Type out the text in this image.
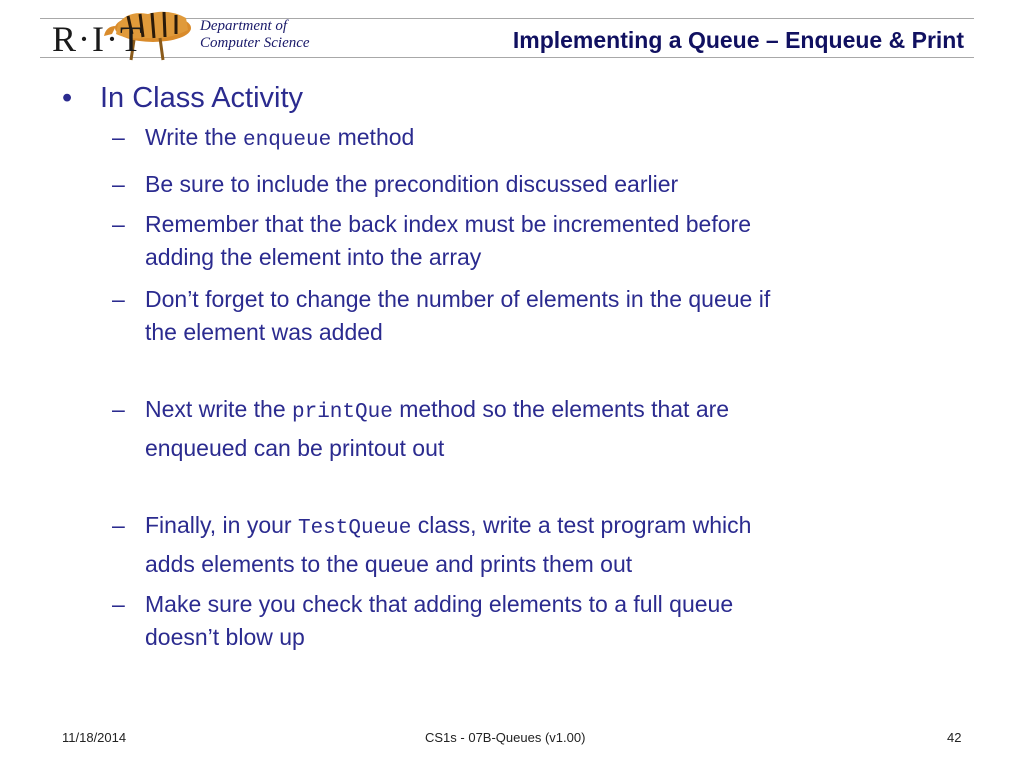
R·I·T	Department of
Computer Science	Implementing a Queue – Enqueue & Print
• In Class Activity
– Write the enqueue method
– Be sure to include the precondition discussed earlier
– Remember that the back index must be incremented before
adding the element into the array
– Don’t forget to change the number of elements in the queue if
the element was added
– Next write the printQue method so the elements that are
enqueued can be printout out
– Finally, in your TestQueue class, write a test program which
adds elements to the queue and prints them out
– Make sure you check that adding elements to a full queue
doesn’t blow up
11/18/2014	CS1s - 07B-Queues (v1.00)	42
